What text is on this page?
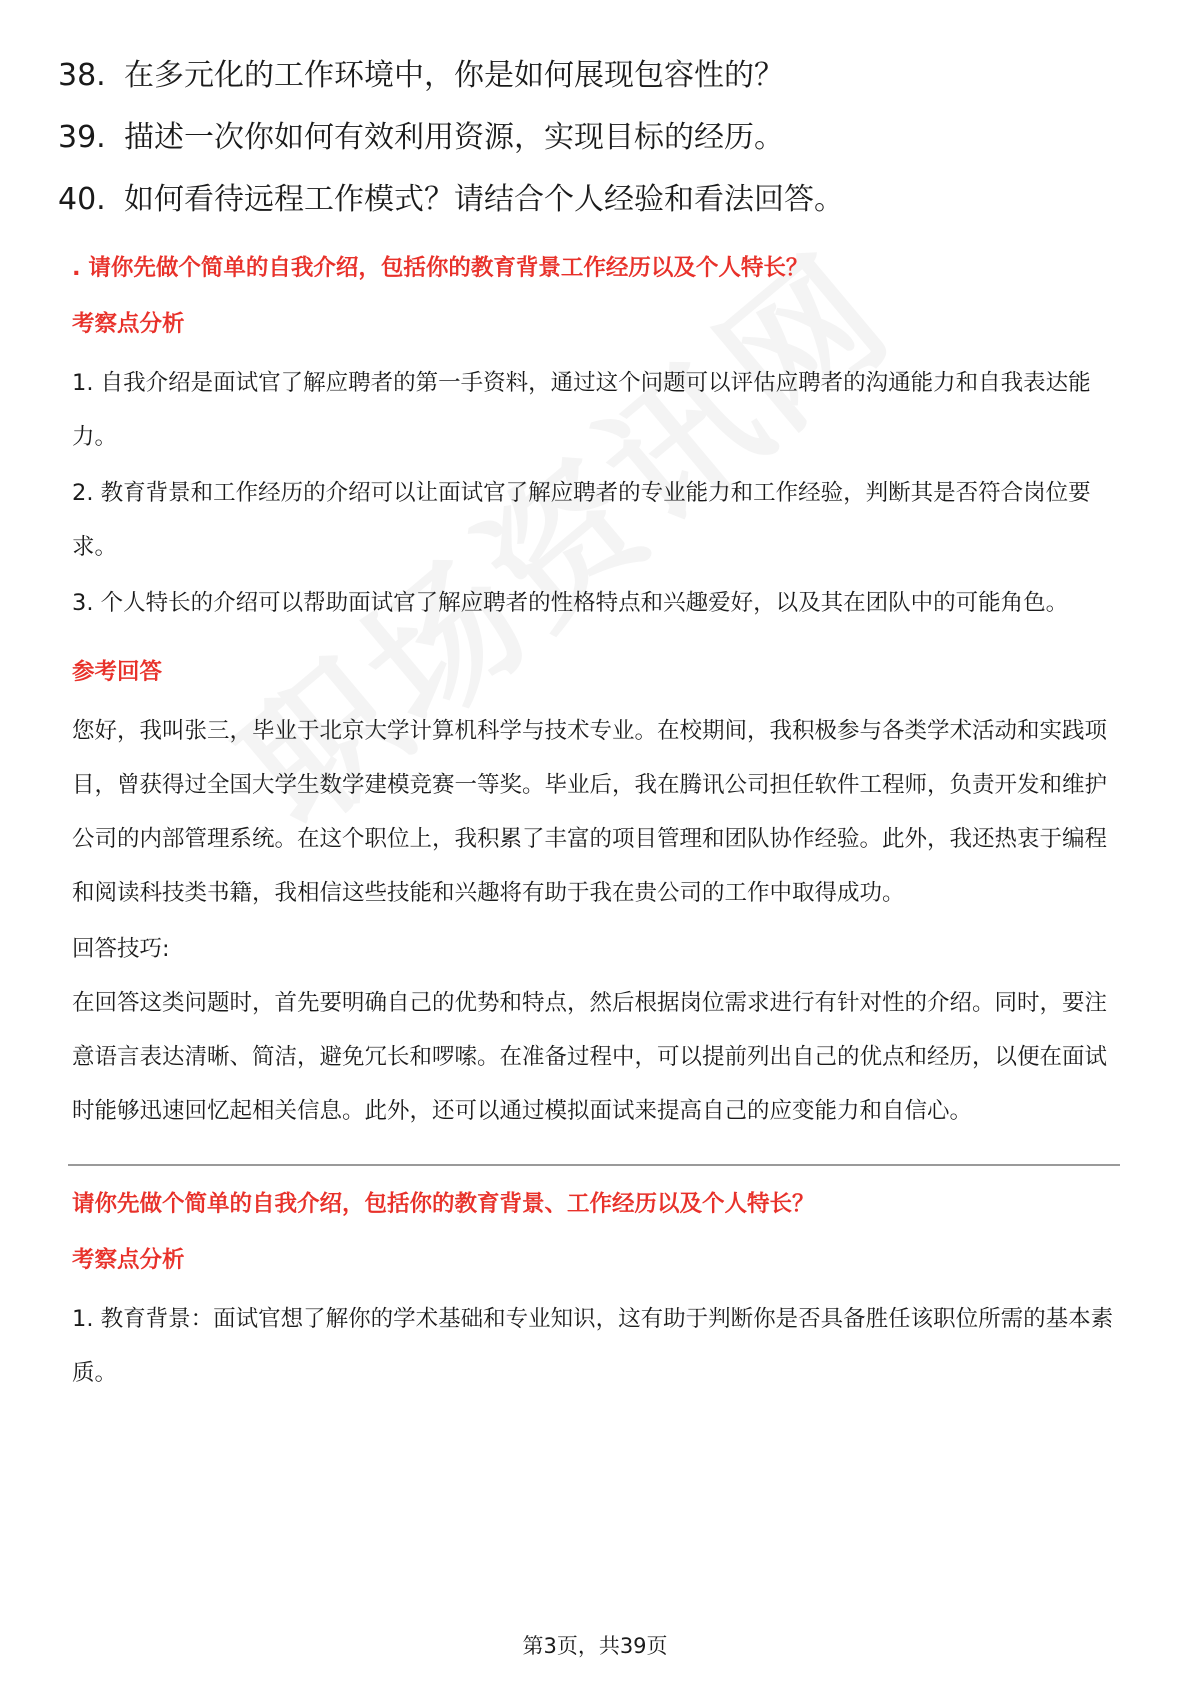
38. 在多元化的工作环境中，你是如何展现包容性的？
39. 描述一次你如何有效利用资源，实现目标的经历。
40. 如何看待远程工作模式？请结合个人经验和看法回答。
. 请你先做个简单的自我介绍，包括你的教育背景工作经历以及个人特长？
考察点分析

1. 自我介绍是面试官了解应聘者的第一手资料，通过这个问题可以评估应聘者的沟通能力和自我表达能力。

2. 教育背景和工作经历的介绍可以让面试官了解应聘者的专业能力和工作经验，判断其是否符合岗位要求。

3. 个人特长的介绍可以帮助面试官了解应聘者的性格特点和兴趣爱好，以及其在团队中的可能角色。

参考回答

您好，我叫张三，毕业于北京大学计算机科学与技术专业。在校期间，我积极参与各类学术活动和实践项目，曾获得过全国大学生数学建模竞赛一等奖。毕业后，我在腾讯公司担任软件工程师，负责开发和维护公司的内部管理系统。在这个职位上，我积累了丰富的项目管理和团队协作经验。此外，我还热衷于编程和阅读科技类书籍，我相信这些技能和兴趣将有助于我在贵公司的工作中取得成功。

回答技巧:

在回答这类问题时，首先要明确自己的优势和特点，然后根据岗位需求进行有针对性的介绍。同时，要注意语言表达清晰、简洁，避免冗长和啰嗦。在准备过程中，可以提前列出自己的优点和经历，以便在面试时能够迅速回忆起相关信息。此外，还可以通过模拟面试来提高自己的应变能力和自信心。

请你先做个简单的自我介绍，包括你的教育背景、工作经历以及个人特长？
考察点分析

1. 教育背景：面试官想了解你的学术基础和专业知识，这有助于判断你是否具备胜任该职位所需的基本素质。

第3页，共39页
